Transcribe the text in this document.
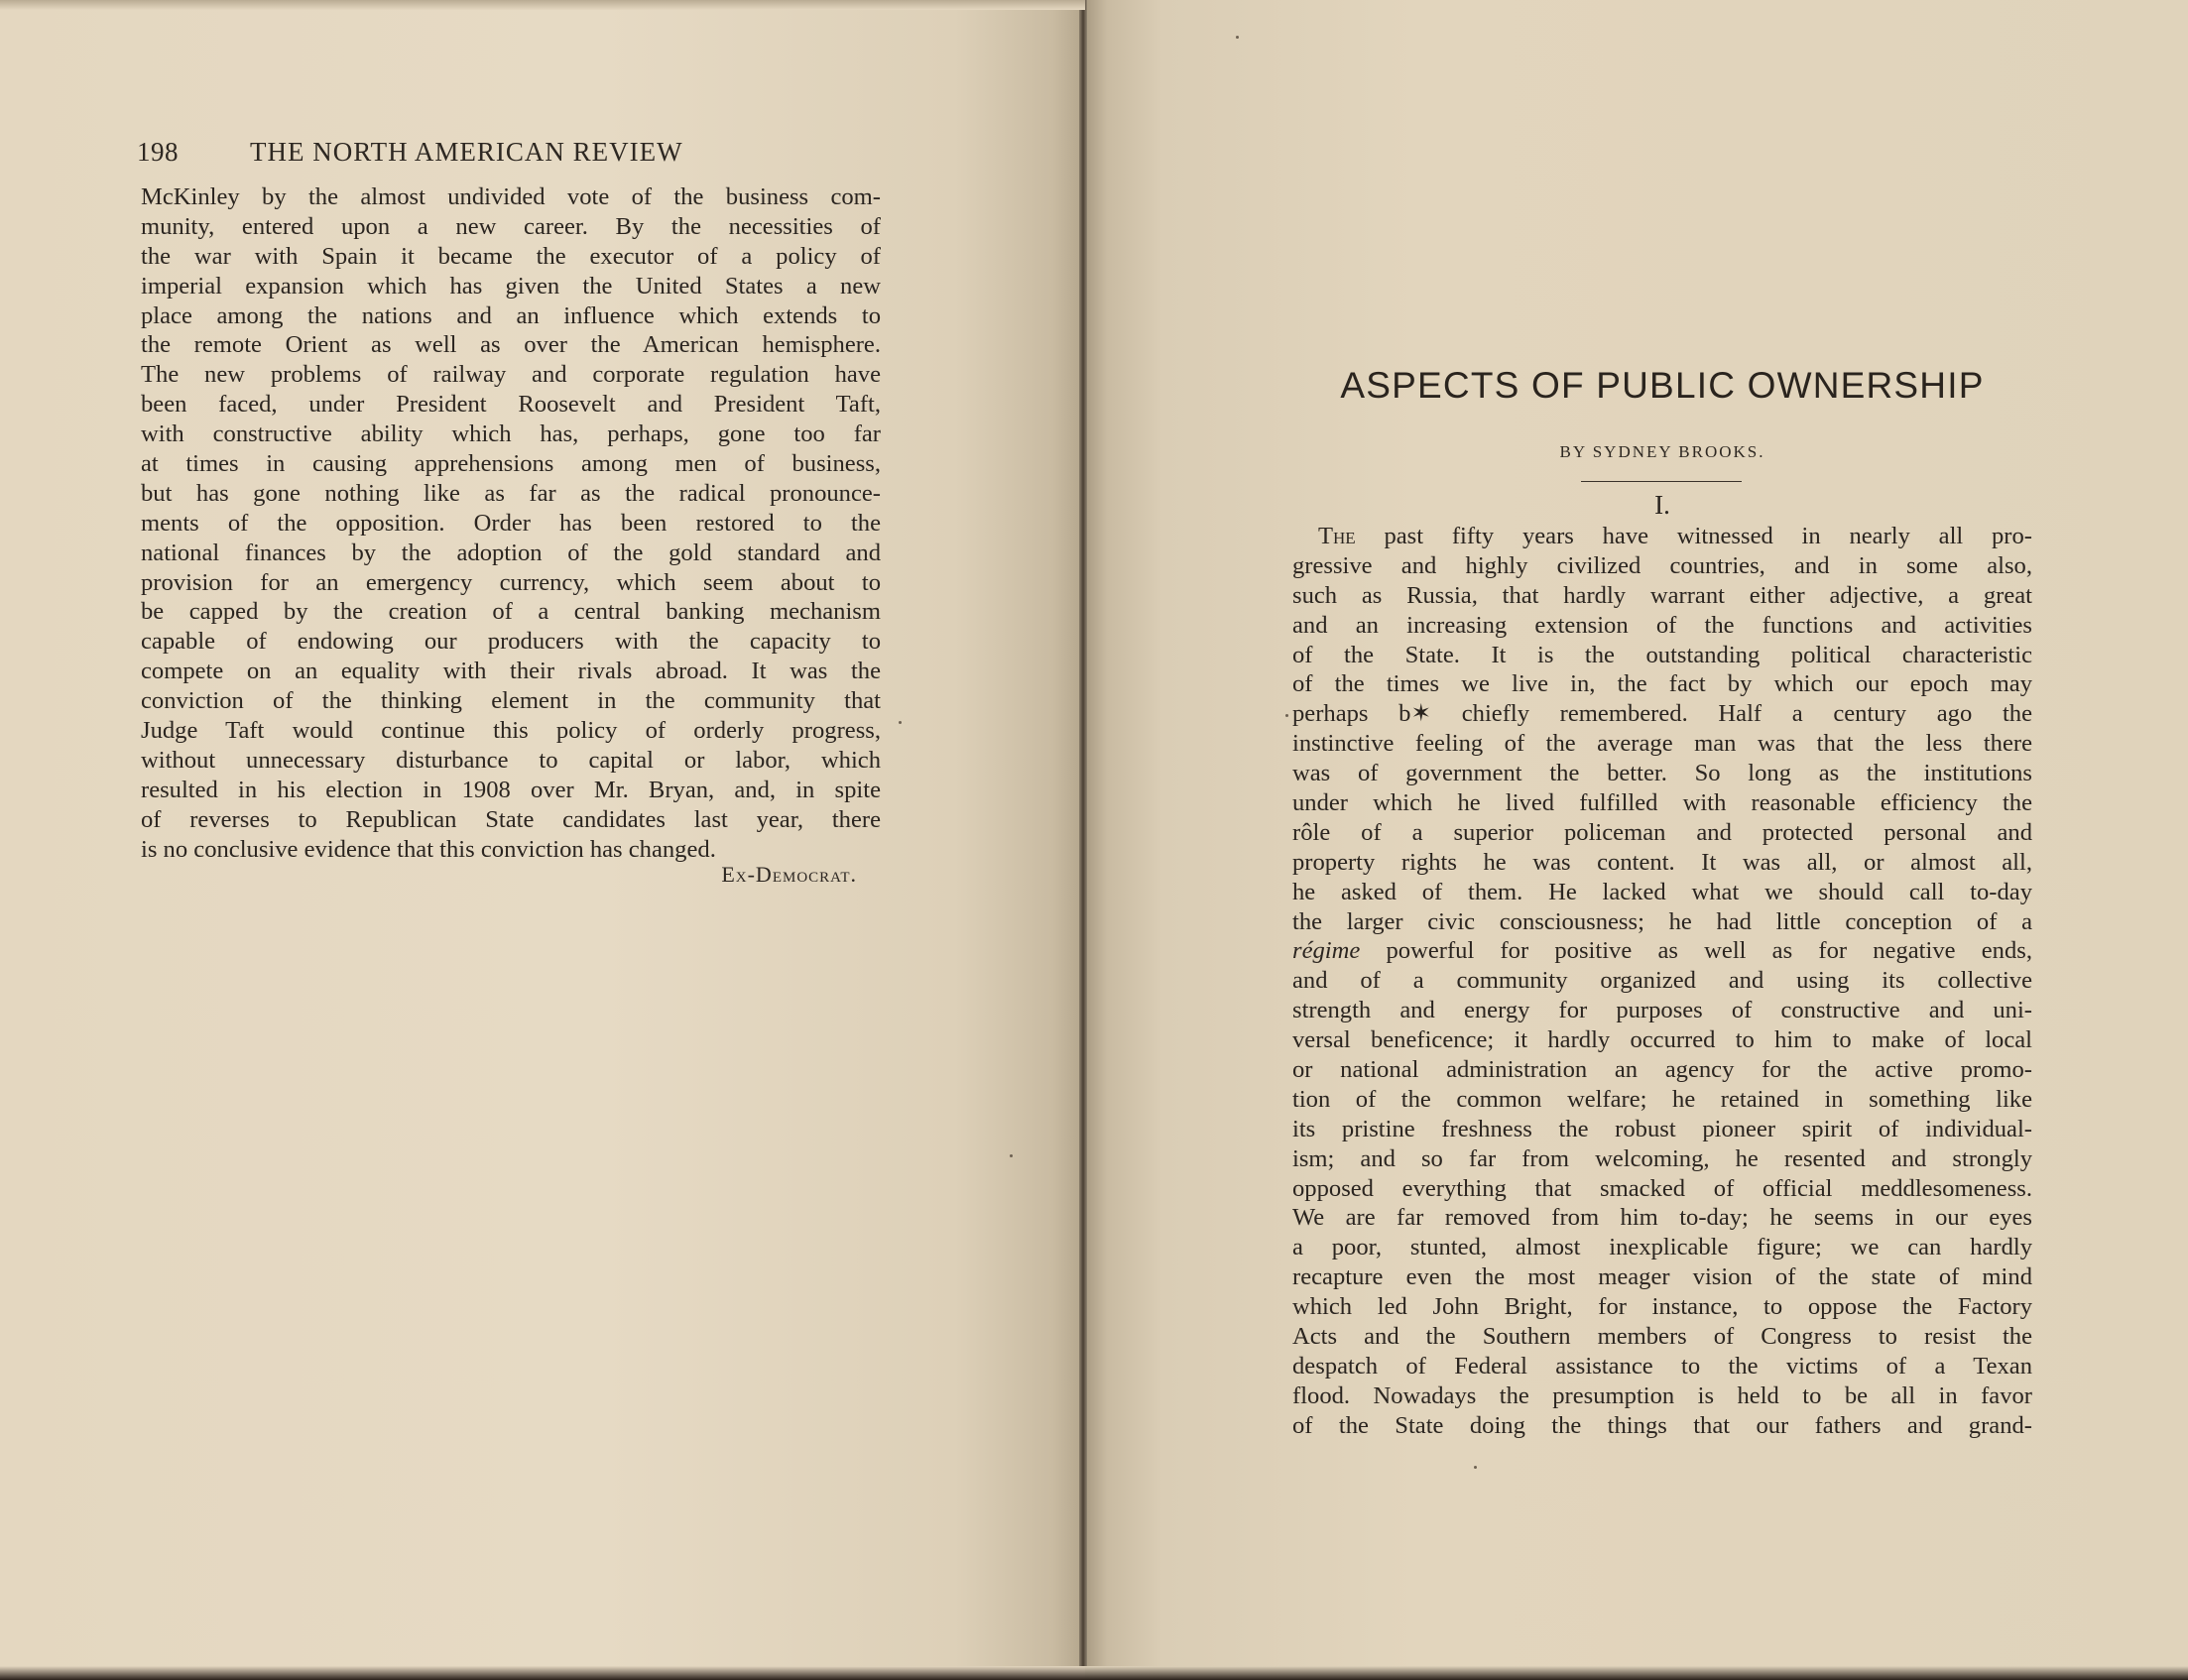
198	THE NORTH AMERICAN REVIEW
McKinley by the almost undivided vote of the business com-
munity, entered upon a new career. By the necessities of
the war with Spain it became the executor of a policy of
imperial expansion which has given the United States a new
place among the nations and an influence which extends to
the remote Orient as well as over the American hemisphere.
The new problems of railway and corporate regulation have
been faced, under President Roosevelt and President Taft,
with constructive ability which has, perhaps, gone too far
at times in causing apprehensions among men of business,
but has gone nothing like as far as the radical pronounce-
ments of the opposition. Order has been restored to the
national finances by the adoption of the gold standard and
provision for an emergency currency, which seem about to
be capped by the creation of a central banking mechanism
capable of endowing our producers with the capacity to
compete on an equality with their rivals abroad. It was the
conviction of the thinking element in the community that
Judge Taft would continue this policy of orderly progress,
without unnecessary disturbance to capital or labor, which
resulted in his election in 1908 over Mr. Bryan, and, in spite
of reverses to Republican State candidates last year, there
is no conclusive evidence that this conviction has changed.
Ex-Democrat.
ASPECTS OF PUBLIC OWNERSHIP
BY SYDNEY BROOKS.
I.
The past fifty years have witnessed in nearly all pro-
gressive and highly civilized countries, and in some also,
such as Russia, that hardly warrant either adjective, a great
and an increasing extension of the functions and activities
of the State. It is the outstanding political characteristic
of the times we live in, the fact by which our epoch may
perhaps b✶ chiefly remembered. Half a century ago the
instinctive feeling of the average man was that the less there
was of government the better. So long as the institutions
under which he lived fulfilled with reasonable efficiency the
rôle of a superior policeman and protected personal and
property rights he was content. It was all, or almost all,
he asked of them. He lacked what we should call to-day
the larger civic consciousness; he had little conception of a
régime powerful for positive as well as for negative ends,
and of a community organized and using its collective
strength and energy for purposes of constructive and uni-
versal beneficence; it hardly occurred to him to make of local
or national administration an agency for the active promo-
tion of the common welfare; he retained in something like
its pristine freshness the robust pioneer spirit of individual-
ism; and so far from welcoming, he resented and strongly
opposed everything that smacked of official meddlesomeness.
We are far removed from him to-day; he seems in our eyes
a poor, stunted, almost inexplicable figure; we can hardly
recapture even the most meager vision of the state of mind
which led John Bright, for instance, to oppose the Factory
Acts and the Southern members of Congress to resist the
despatch of Federal assistance to the victims of a Texan
flood. Nowadays the presumption is held to be all in favor
of the State doing the things that our fathers and grand-
